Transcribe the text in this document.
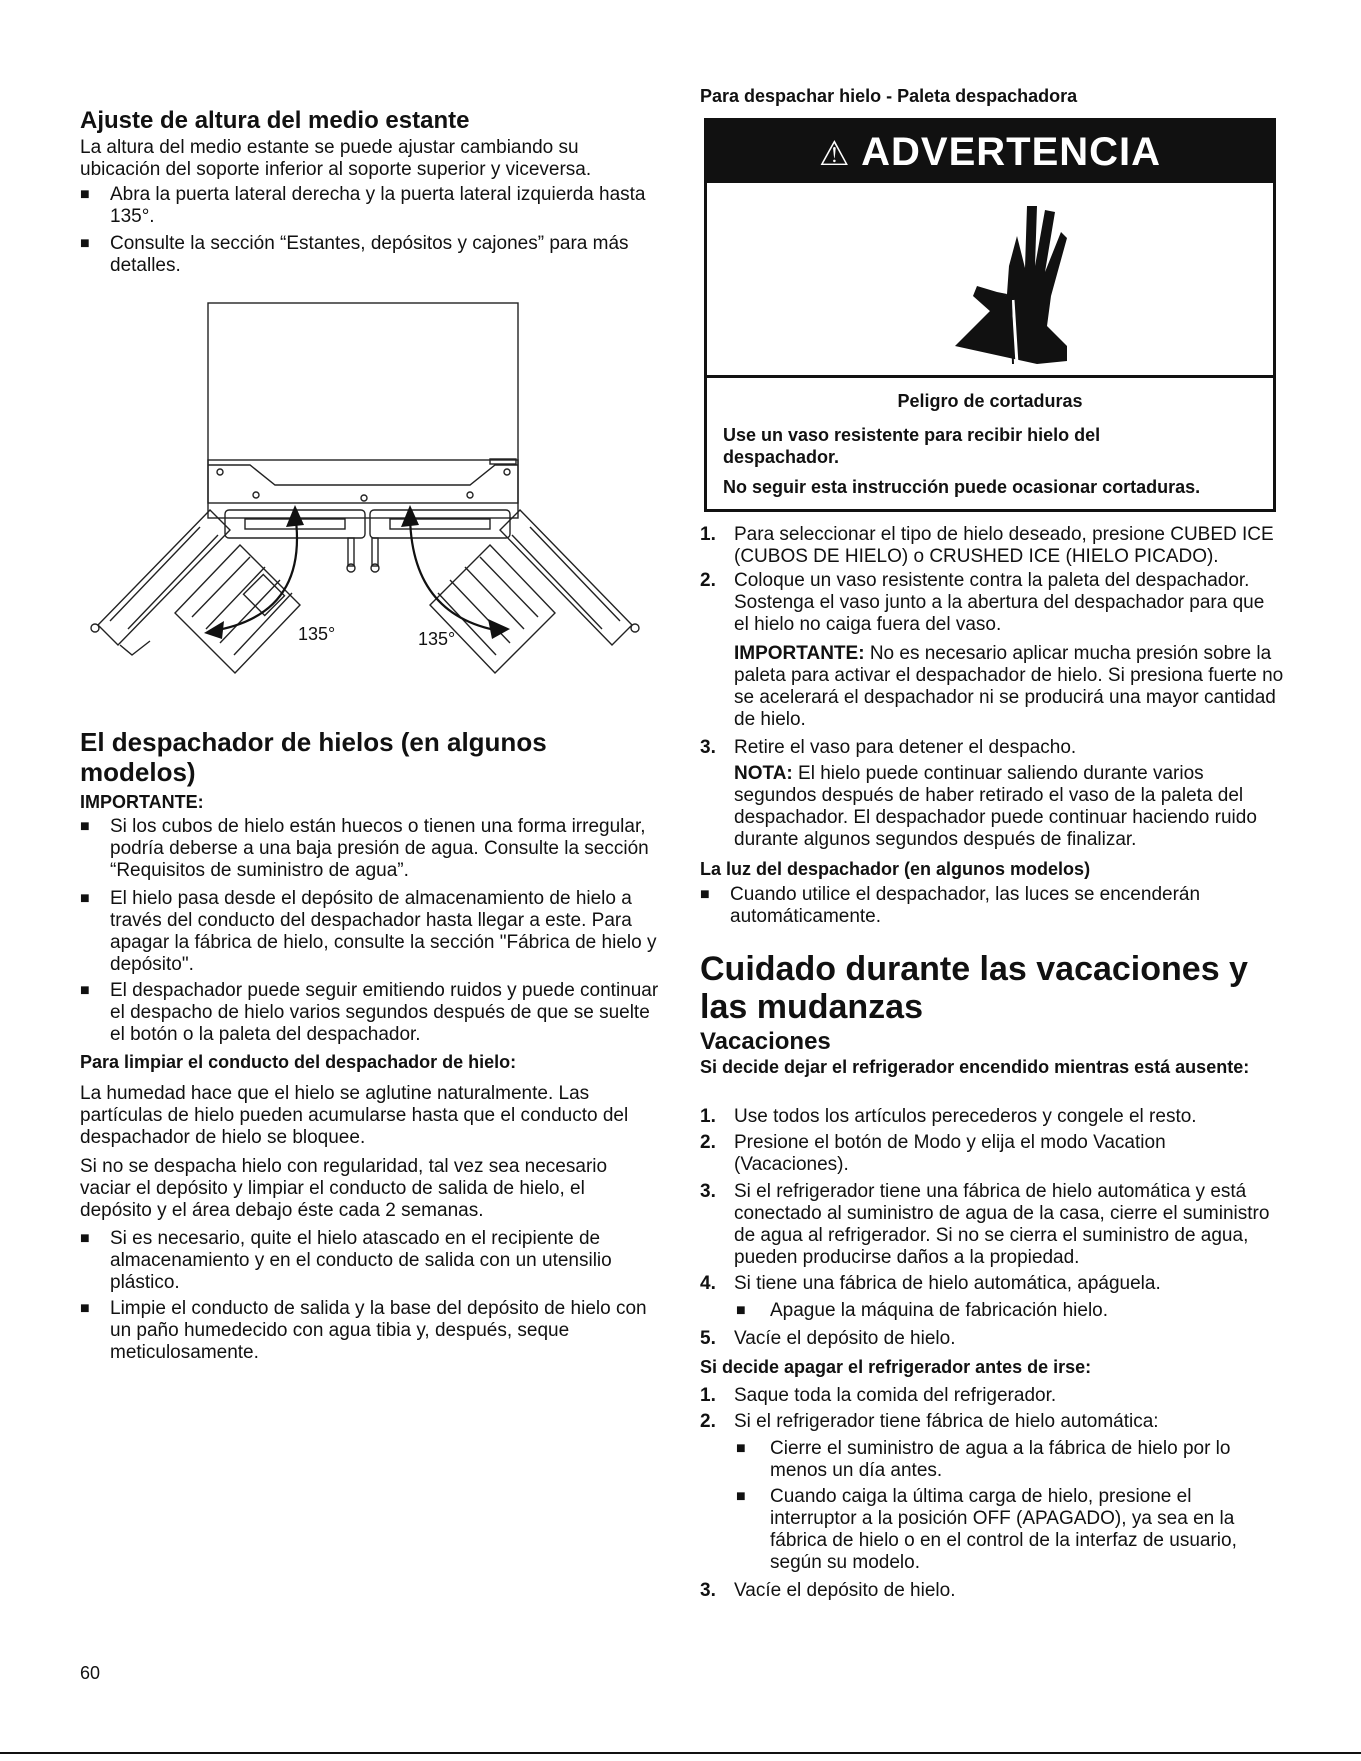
Ajuste de altura del medio estante

La altura del medio estante se puede ajustar cambiando su ubicación del soporte inferior al soporte superior y viceversa.

■ Abra la puerta lateral derecha y la puerta lateral izquierda hasta 135°.
■ Consulte la sección “Estantes, depósitos y cajones” para más detalles.
135°	135°
El despachador de hielos (en algunos modelos)
IMPORTANTE:
■ Si los cubos de hielo están huecos o tienen una forma irregular, podría deberse a una baja presión de agua. Consulte la sección “Requisitos de suministro de agua”.
■ El hielo pasa desde el depósito de almacenamiento de hielo a través del conducto del despachador hasta llegar a este. Para apagar la fábrica de hielo, consulte la sección "Fábrica de hielo y depósito".
■ El despachador puede seguir emitiendo ruidos y puede continuar el despacho de hielo varios segundos después de que se suelte el botón o la paleta del despachador.
Para limpiar el conducto del despachador de hielo:

La humedad hace que el hielo se aglutine naturalmente. Las partículas de hielo pueden acumularse hasta que el conducto del despachador de hielo se bloquee.

Si no se despacha hielo con regularidad, tal vez sea necesario vaciar el depósito y limpiar el conducto de salida de hielo, el depósito y el área debajo éste cada 2 semanas.

■ Si es necesario, quite el hielo atascado en el recipiente de almacenamiento y en el conducto de salida con un utensilio plástico.
■ Limpie el conducto de salida y la base del depósito de hielo con un paño humedecido con agua tibia y, después, seque meticulosamente.
Para despachar hielo - Paleta despachadora
⚠ ADVERTENCIA
Peligro de cortaduras
Use un vaso resistente para recibir hielo del despachador.
No seguir esta instrucción puede ocasionar cortaduras.
1. Para seleccionar el tipo de hielo deseado, presione CUBED ICE (CUBOS DE HIELO) o CRUSHED ICE (HIELO PICADO).
2. Coloque un vaso resistente contra la paleta del despachador. Sostenga el vaso junto a la abertura del despachador para que el hielo no caiga fuera del vaso.
IMPORTANTE: No es necesario aplicar mucha presión sobre la paleta para activar el despachador de hielo. Si presiona fuerte no se acelerará el despachador ni se producirá una mayor cantidad de hielo.
3. Retire el vaso para detener el despacho.
NOTA: El hielo puede continuar saliendo durante varios segundos después de haber retirado el vaso de la paleta del despachador. El despachador puede continuar haciendo ruido durante algunos segundos después de finalizar.
La luz del despachador (en algunos modelos)
■ Cuando utilice el despachador, las luces se encenderán automáticamente.
Cuidado durante las vacaciones y las mudanzas
Vacaciones
Si decide dejar el refrigerador encendido mientras está ausente:
1. Use todos los artículos perecederos y congele el resto.
2. Presione el botón de Modo y elija el modo Vacation (Vacaciones).
3. Si el refrigerador tiene una fábrica de hielo automática y está conectado al suministro de agua de la casa, cierre el suministro de agua al refrigerador. Si no se cierra el suministro de agua, pueden producirse daños a la propiedad.
4. Si tiene una fábrica de hielo automática, apáguela.
■ Apague la máquina de fabricación hielo.
5. Vacíe el depósito de hielo.
Si decide apagar el refrigerador antes de irse:
1. Saque toda la comida del refrigerador.
2. Si el refrigerador tiene fábrica de hielo automática:
■ Cierre el suministro de agua a la fábrica de hielo por lo menos un día antes.
■ Cuando caiga la última carga de hielo, presione el interruptor a la posición OFF (APAGADO), ya sea en la fábrica de hielo o en el control de la interfaz de usuario, según su modelo.
3. Vacíe el depósito de hielo.
60
